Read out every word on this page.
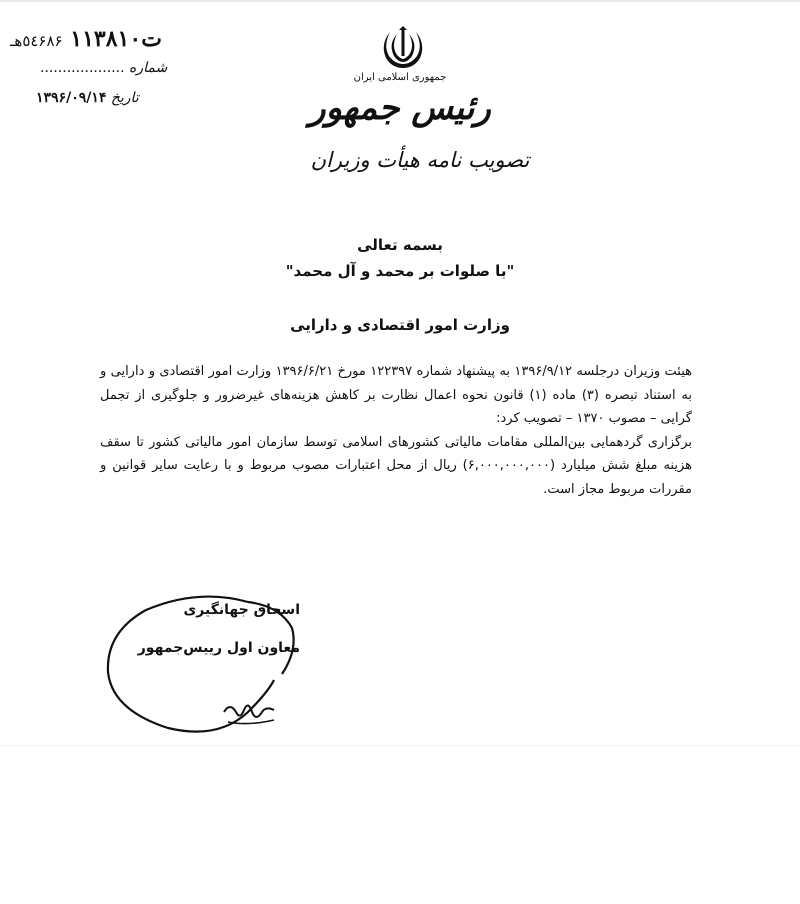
ت١١٣٨١٠ ٥٤۶٨۶هـ
شماره ...................
تاریخ ۱۳۹۶/۰۹/۱۴
جمهوری اسلامی ایران
رئیس جمهور
تصویب نامه هیأت وزیران
بسمه تعالی
"با صلوات بر محمد و آل محمد"
وزارت امور اقتصادی و دارایی

هیئت وزیران درجلسه ۱۳۹۶/۹/۱۲ به پیشنهاد شماره ۱۲۲۳۹۷ مورخ ۱۳۹۶/۶/۲۱ وزارت امور اقتصادی و دارایی و به استناد تبصره (۳) ماده (۱) قانون نحوه اعمال نظارت بر کاهش هزینه‌های غیرضرور و جلوگیری از تجمل گرایی – مصوب ۱۳۷۰ – تصویب کرد:

برگزاری گردهمایی بین‌المللی مقامات مالیاتی کشورهای اسلامی توسط سازمان امور مالیاتی کشور تا سقف هزینه مبلغ شش میلیارد (۶,۰۰۰,۰۰۰,۰۰۰) ریال از محل اعتبارات مصوب مربوط و با رعایت سایر قوانین و مقررات مربوط مجاز است.

اسحاق جهانگیری
معاون اول رییس‌جمهور
